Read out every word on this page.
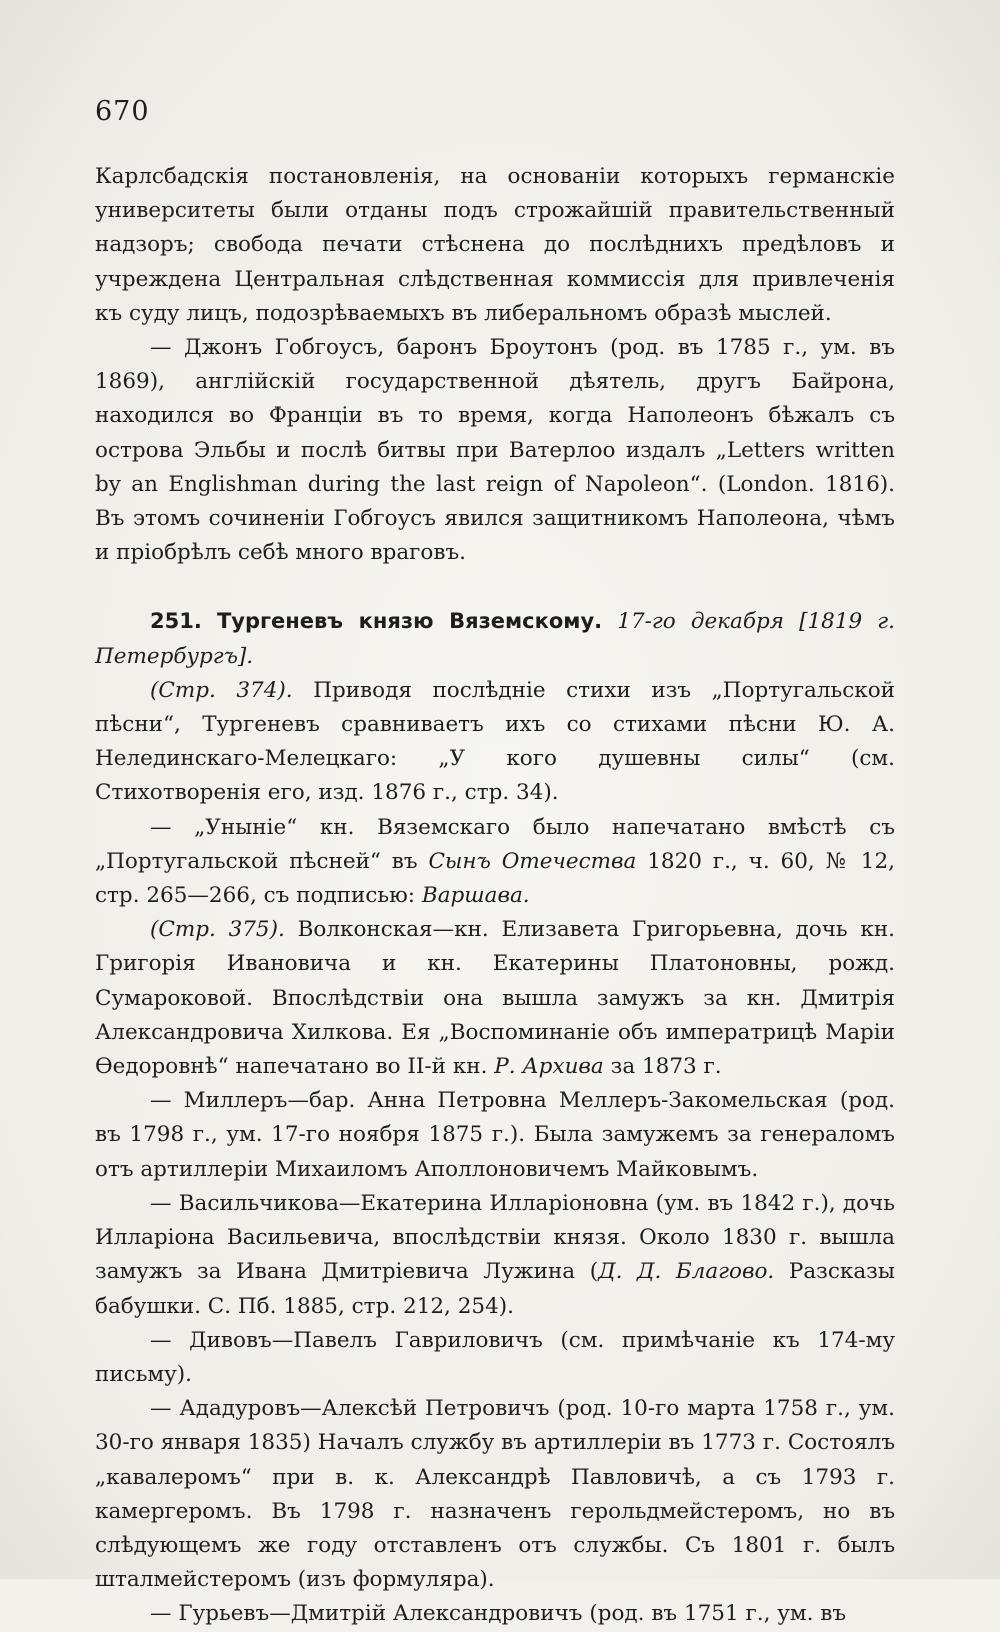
670

Карлсбадскія постановленія, на основаніи которыхъ германскіе университеты были отданы подъ строжайшій правительственный надзоръ; свобода печати стѣснена до послѣднихъ предѣловъ и учреждена Центральная слѣдственная коммиссія для привлеченія къ суду лицъ, подозрѣваемыхъ въ либеральномъ образѣ мыслей.

— Джонъ Гобгоусъ, баронъ Броутонъ (род. въ 1785 г., ум. въ 1869), англійскій государственной дѣятель, другъ Байрона, находился во Франціи въ то время, когда Наполеонъ бѣжалъ съ острова Эльбы и послѣ битвы при Ватерлоо издалъ „Letters written by an Englishman during the last reign of Napoleon“. (London. 1816). Въ этомъ сочиненіи Гобгоусъ явился защитникомъ Наполеона, чѣмъ и пріобрѣлъ себѣ много враговъ.

251. Тургеневъ князю Вяземскому. 17-го декабря [1819 г. Петербургъ].

(Стр. 374). Приводя послѣдніе стихи изъ „Португальской пѣсни“, Тургеневъ сравниваетъ ихъ со стихами пѣсни Ю. А. Нелединскаго-Мелецкаго: „У кого душевны силы“ (см. Стихотворенія его, изд. 1876 г., стр. 34).

— „Уныніе“ кн. Вяземскаго было напечатано вмѣстѣ съ „Португальской пѣсней“ въ Сынъ Отечества 1820 г., ч. 60, № 12, стр. 265—266, съ подписью: Варшава.

(Стр. 375). Волконская—кн. Елизавета Григорьевна, дочь кн. Григорія Ивановича и кн. Екатерины Платоновны, рожд. Сумароковой. Впослѣдствіи она вышла замужъ за кн. Дмитрія Александровича Хилкова. Ея „Воспоминаніе объ императрицѣ Маріи Ѳедоровнѣ“ напечатано во II-й кн. Р. Архива за 1873 г.

— Миллеръ—бар. Анна Петровна Меллеръ-Закомельская (род. въ 1798 г., ум. 17-го ноября 1875 г.). Была замужемъ за генераломъ отъ артиллеріи Михаиломъ Аполлоновичемъ Майковымъ.

— Васильчикова—Екатерина Илларіоновна (ум. въ 1842 г.), дочь Илларіона Васильевича, впослѣдствіи князя. Около 1830 г. вышла замужъ за Ивана Дмитріевича Лужина (Д. Д. Благово. Разсказы бабушки. С. Пб. 1885, стр. 212, 254).

— Дивовъ—Павелъ Гавриловичъ (см. примѣчаніе къ 174-му письму).

— Ададуровъ—Алексѣй Петровичъ (род. 10-го марта 1758 г., ум. 30-го января 1835) Началъ службу въ артиллеріи въ 1773 г. Состоялъ „кавалеромъ“ при в. к. Александрѣ Павловичѣ, а съ 1793 г. камергеромъ. Въ 1798 г. назначенъ герольдмейстеромъ, но въ слѣдующемъ же году отставленъ отъ службы. Съ 1801 г. былъ шталмейстеромъ (изъ формуляра).

— Гурьевъ—Дмитрій Александровичъ (род. въ 1751 г., ум. въ
